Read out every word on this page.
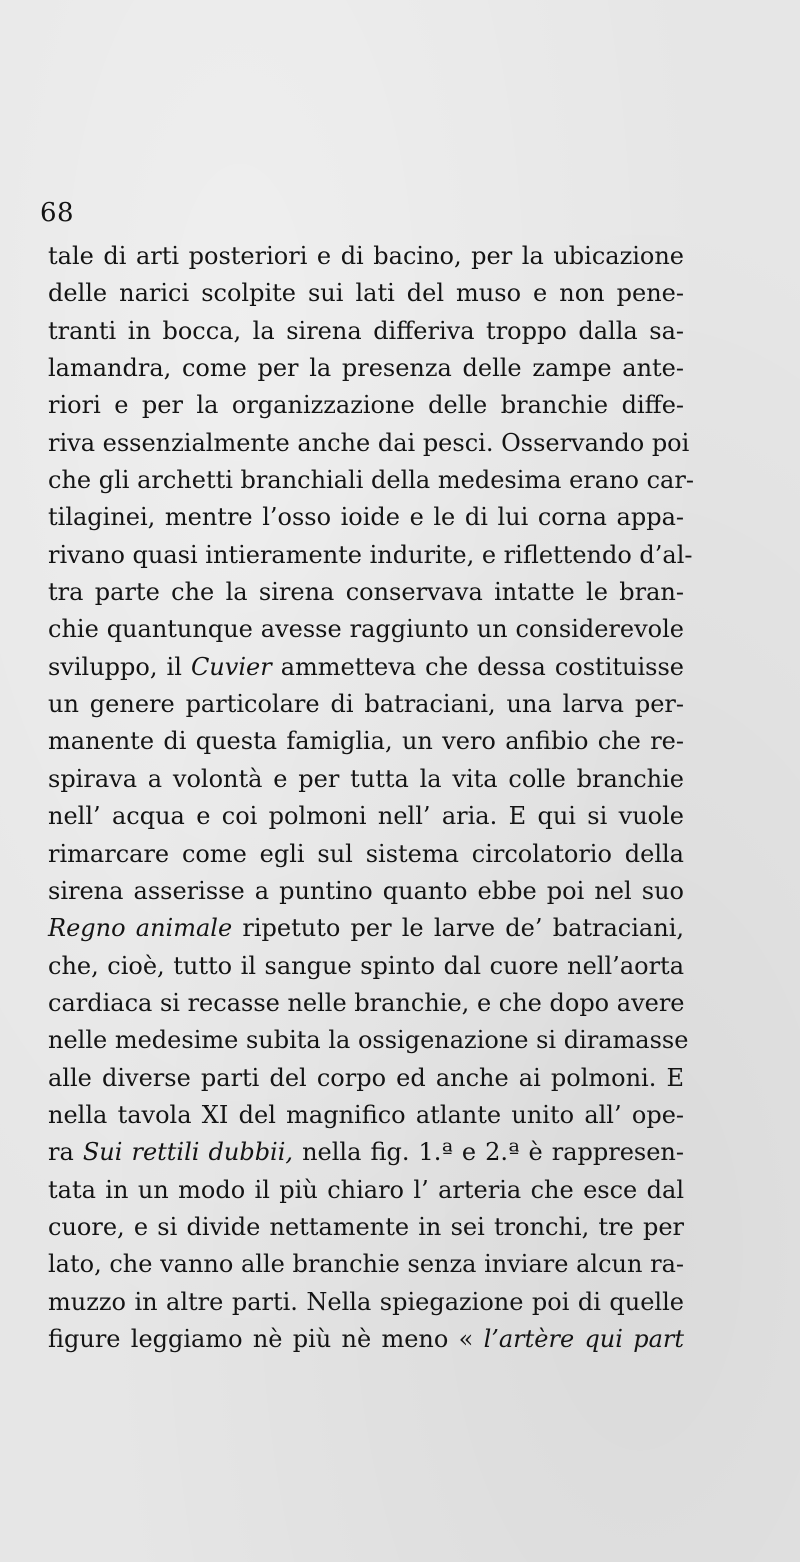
68
tale di arti posteriori e di bacino, per la ubicazione
delle narici scolpite sui lati del muso e non pene-
tranti in bocca, la sirena differiva troppo dalla sa-
lamandra, come per la presenza delle zampe ante-
riori e per la organizzazione delle branchie diffe-
riva essenzialmente anche dai pesci. Osservando poi
che gli archetti branchiali della medesima erano car-
tilaginei, mentre l’osso ioide e le di lui corna appa-
rivano quasi intieramente indurite, e riflettendo d’al-
tra parte che la sirena conservava intatte le bran-
chie quantunque avesse raggiunto un considerevole
sviluppo, il Cuvier ammetteva che dessa costituisse
un genere particolare di batraciani, una larva per-
manente di questa famiglia, un vero anfibio che re-
spirava a volontà e per tutta la vita colle branchie
nell’ acqua e coi polmoni nell’ aria. E qui si vuole
rimarcare come egli sul sistema circolatorio della
sirena asserisse a puntino quanto ebbe poi nel suo
Regno animale ripetuto per le larve de’ batraciani,
che, cioè, tutto il sangue spinto dal cuore nell’aorta
cardiaca si recasse nelle branchie, e che dopo avere
nelle medesime subita la ossigenazione si diramasse
alle diverse parti del corpo ed anche ai polmoni. E
nella tavola XI del magnifico atlante unito all’ ope-
ra Sui rettili dubbii, nella fig. 1.ª e 2.ª è rappresen-
tata in un modo il più chiaro l’ arteria che esce dal
cuore, e si divide nettamente in sei tronchi, tre per
lato, che vanno alle branchie senza inviare alcun ra-
muzzo in altre parti. Nella spiegazione poi di quelle
figure leggiamo nè più nè meno « l’artère qui part
